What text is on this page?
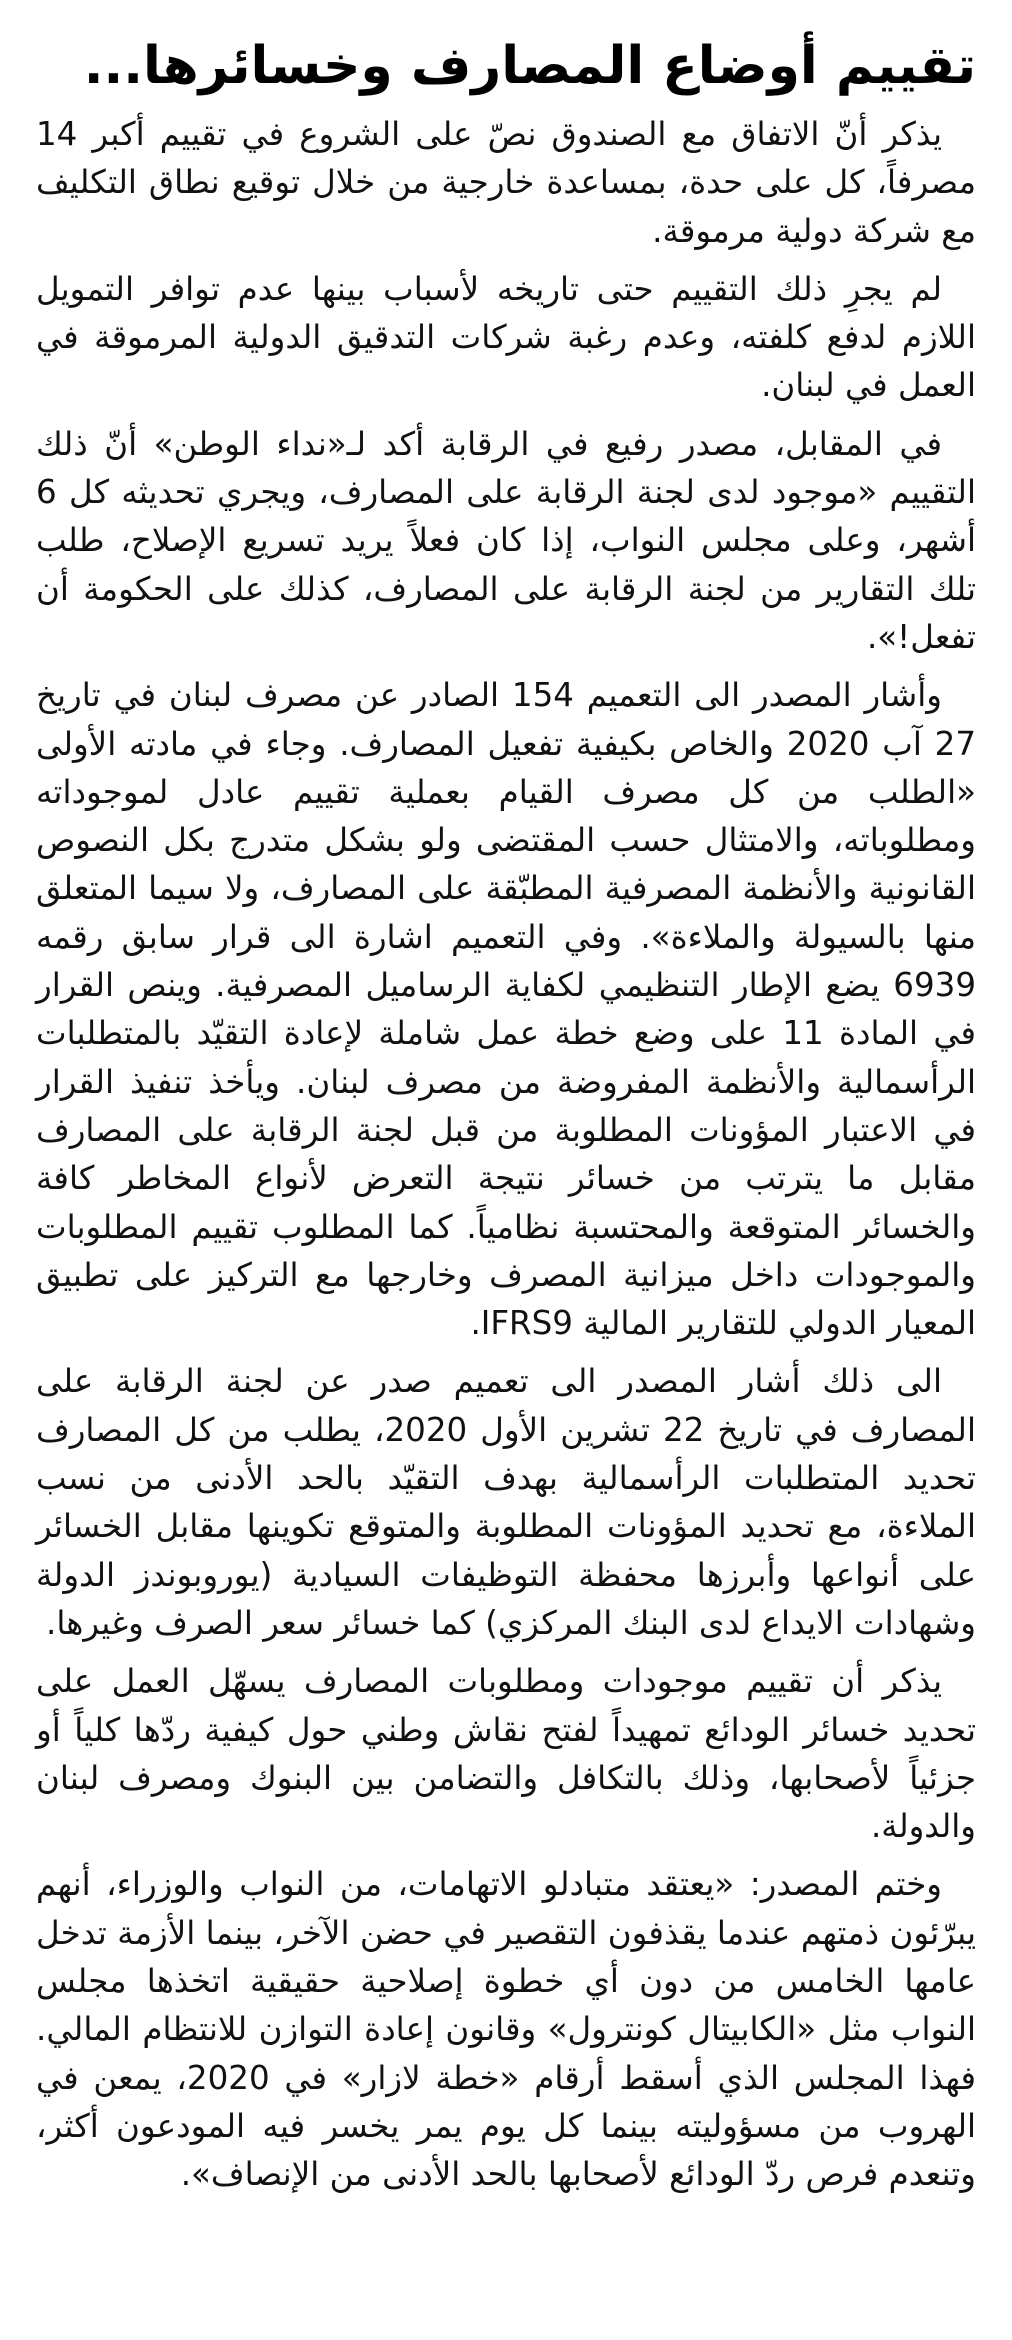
تقييم أوضاع المصارف وخسائرها...

يذكر أنّ الاتفاق مع الصندوق نصّ على الشروع في تقييم أكبر 14 مصرفاً، كل على حدة، بمساعدة خارجية من خلال توقيع نطاق التكليف مع شركة دولية مرموقة.

لم يجرِ ذلك التقييم حتى تاريخه لأسباب بينها عدم توافر التمويل اللازم لدفع كلفته، وعدم رغبة شركات التدقيق الدولية المرموقة في العمل في لبنان.

في المقابل، مصدر رفيع في الرقابة أكد لـ«نداء الوطن» أنّ ذلك التقييم «موجود لدى لجنة الرقابة على المصارف، ويجري تحديثه كل 6 أشهر، وعلى مجلس النواب، إذا كان فعلاً يريد تسريع الإصلاح، طلب تلك التقارير من لجنة الرقابة على المصارف، كذلك على الحكومة أن تفعل!».

وأشار المصدر الى التعميم 154 الصادر عن مصرف لبنان في تاريخ 27 آب 2020 والخاص بكيفية تفعيل المصارف. وجاء في مادته الأولى «الطلب من كل مصرف القيام بعملية تقييم عادل لموجوداته ومطلوباته، والامتثال حسب المقتضى ولو بشكل متدرج بكل النصوص القانونية والأنظمة المصرفية المطبّقة على المصارف، ولا سيما المتعلق منها بالسيولة والملاءة». وفي التعميم اشارة الى قرار سابق رقمه 6939 يضع الإطار التنظيمي لكفاية الرساميل المصرفية. وينص القرار في المادة 11 على وضع خطة عمل شاملة لإعادة التقيّد بالمتطلبات الرأسمالية والأنظمة المفروضة من مصرف لبنان. ويأخذ تنفيذ القرار في الاعتبار المؤونات المطلوبة من قبل لجنة الرقابة على المصارف مقابل ما يترتب من خسائر نتيجة التعرض لأنواع المخاطر كافة والخسائر المتوقعة والمحتسبة نظامياً. كما المطلوب تقييم المطلوبات والموجودات داخل ميزانية المصرف وخارجها مع التركيز على تطبيق المعيار الدولي للتقارير المالية IFRS9.

الى ذلك أشار المصدر الى تعميم صدر عن لجنة الرقابة على المصارف في تاريخ 22 تشرين الأول 2020، يطلب من كل المصارف تحديد المتطلبات الرأسمالية بهدف التقيّد بالحد الأدنى من نسب الملاءة، مع تحديد المؤونات المطلوبة والمتوقع تكوينها مقابل الخسائر على أنواعها وأبرزها محفظة التوظيفات السيادية (يوروبوندز الدولة وشهادات الايداع لدى البنك المركزي) كما خسائر سعر الصرف وغيرها.

يذكر أن تقييم موجودات ومطلوبات المصارف يسهّل العمل على تحديد خسائر الودائع تمهيداً لفتح نقاش وطني حول كيفية ردّها كلياً أو جزئياً لأصحابها، وذلك بالتكافل والتضامن بين البنوك ومصرف لبنان والدولة.

وختم المصدر: «يعتقد متبادلو الاتهامات، من النواب والوزراء، أنهم يبرّئون ذمتهم عندما يقذفون التقصير في حضن الآخر، بينما الأزمة تدخل عامها الخامس من دون أي خطوة إصلاحية حقيقية اتخذها مجلس النواب مثل «الكابيتال كونترول» وقانون إعادة التوازن للانتظام المالي. فهذا المجلس الذي أسقط أرقام «خطة لازار» في 2020، يمعن في الهروب من مسؤوليته بينما كل يوم يمر يخسر فيه المودعون أكثر، وتنعدم فرص ردّ الودائع لأصحابها بالحد الأدنى من الإنصاف».
